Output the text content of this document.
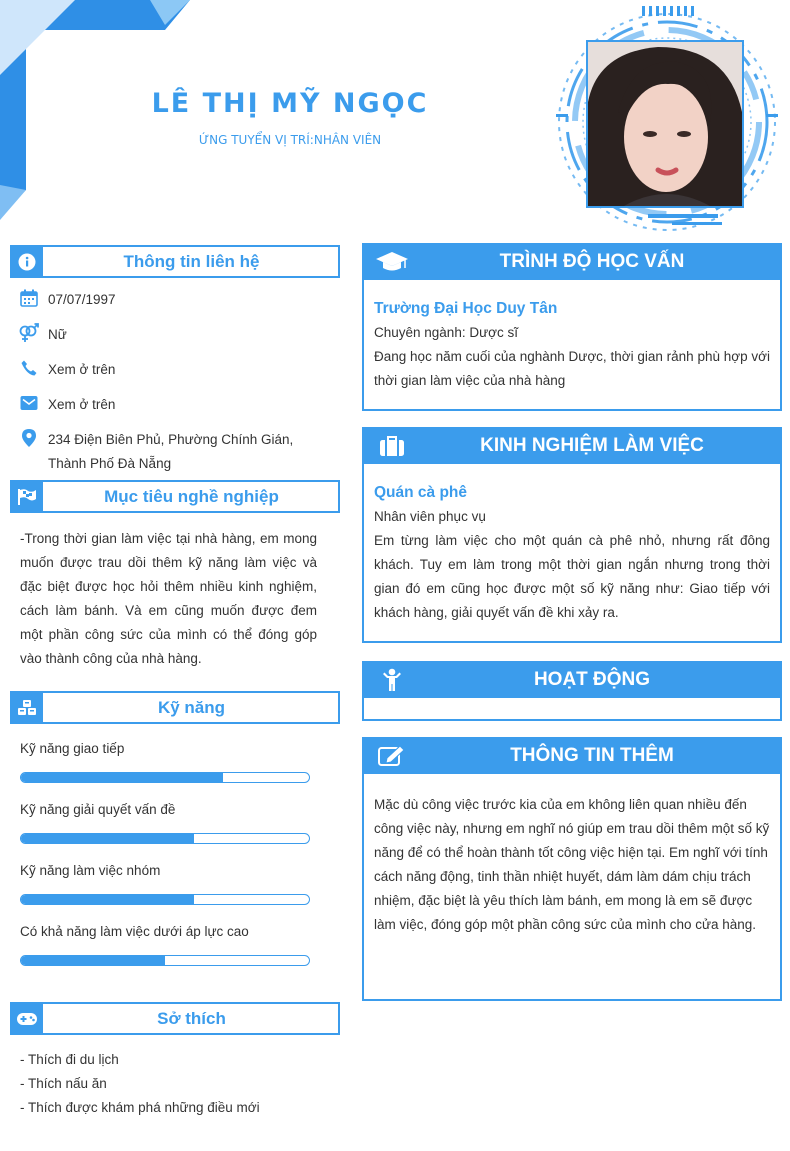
LÊ THỊ MỸ NGỌC
ỨNG TUYỂN VỊ TRÍ:NHÂN VIÊN
Thông tin liên hệ
07/07/1997
Nữ
Xem ở trên
Xem ở trên
234 Điện Biên Phủ, Phường Chính Gián,
Thành Phố Đà Nẵng
Mục tiêu nghề nghiệp
-Trong thời gian làm việc tại nhà hàng, em mong muốn được trau dồi thêm kỹ năng làm việc và đặc biệt được học hỏi thêm nhiều kinh nghiệm, cách làm bánh. Và em cũng muốn được đem một phần công sức của mình có thể đóng góp vào thành công của nhà hàng.
Kỹ năng
Kỹ năng giao tiếp
Kỹ năng giải quyết vấn đề
Kỹ năng làm việc nhóm
Có khả năng làm việc dưới áp lực cao
Sở thích
- Thích đi du lịch
- Thích nấu ăn
- Thích được khám phá những điều mới
TRÌNH ĐỘ HỌC VẤN
Trường Đại Học Duy Tân
Chuyên ngành: Dược sĩ
Đang học năm cuối của nghành Dược, thời gian rảnh phù hợp với thời gian làm việc của nhà hàng
KINH NGHIỆM LÀM VIỆC
Quán cà phê
Nhân viên phục vụ
Em từng làm việc cho một quán cà phê nhỏ, nhưng rất đông khách. Tuy em làm trong một thời gian ngắn nhưng trong thời gian đó em cũng học được một số kỹ năng như: Giao tiếp với khách hàng, giải quyết vấn đề khi xảy ra.
HOẠT ĐỘNG
THÔNG TIN THÊM
Mặc dù công việc trước kia của em không liên quan nhiều đến công việc này, nhưng em nghĩ nó giúp em trau dồi thêm một số kỹ năng để có thể hoàn thành tốt công việc hiện tại. Em nghĩ với tính cách năng động, tinh thần nhiệt huyết, dám làm dám chịu trách nhiệm, đặc biệt là yêu thích làm bánh, em mong là em sẽ được làm việc, đóng góp một phần công sức của mình cho cửa hàng.
